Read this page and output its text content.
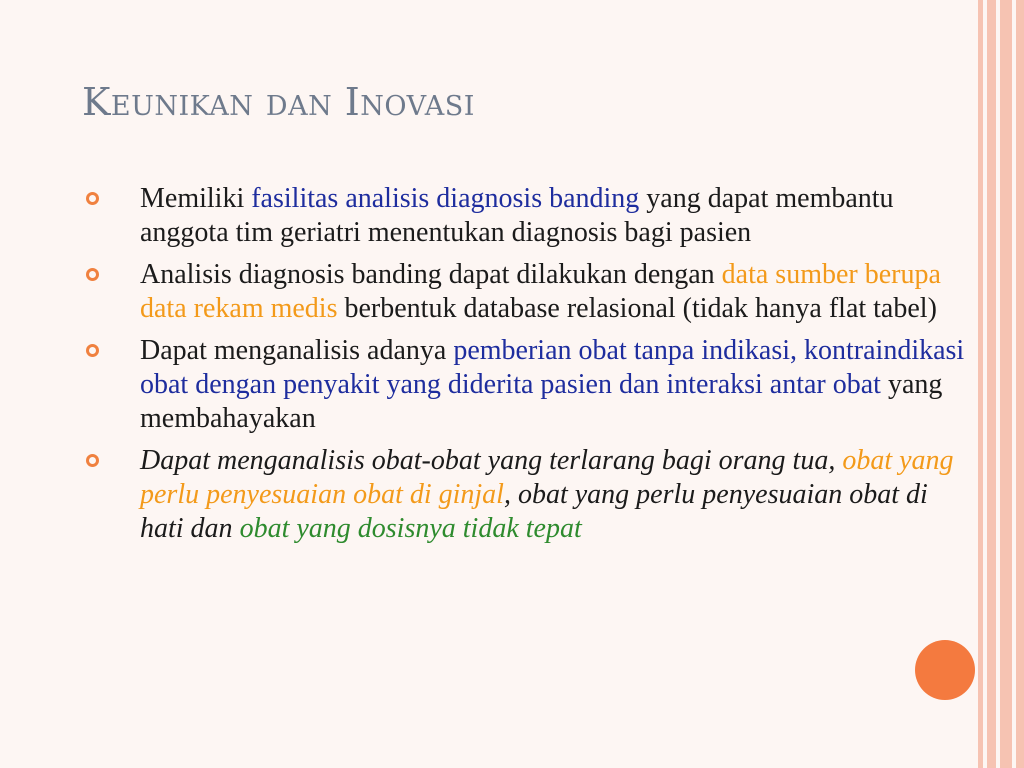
Keunikan dan Inovasi
Memiliki fasilitas analisis diagnosis banding yang dapat membantu anggota tim geriatri menentukan diagnosis bagi pasien
Analisis diagnosis banding dapat dilakukan dengan data sumber berupa data rekam medis berbentuk database relasional (tidak hanya flat tabel)
Dapat menganalisis adanya pemberian obat tanpa indikasi, kontraindikasi obat dengan penyakit yang diderita pasien dan interaksi antar obat yang membahayakan
Dapat menganalisis obat-obat yang terlarang bagi orang tua, obat yang perlu penyesuaian obat di ginjal, obat yang perlu penyesuaian obat di hati dan obat yang dosisnya tidak tepat
